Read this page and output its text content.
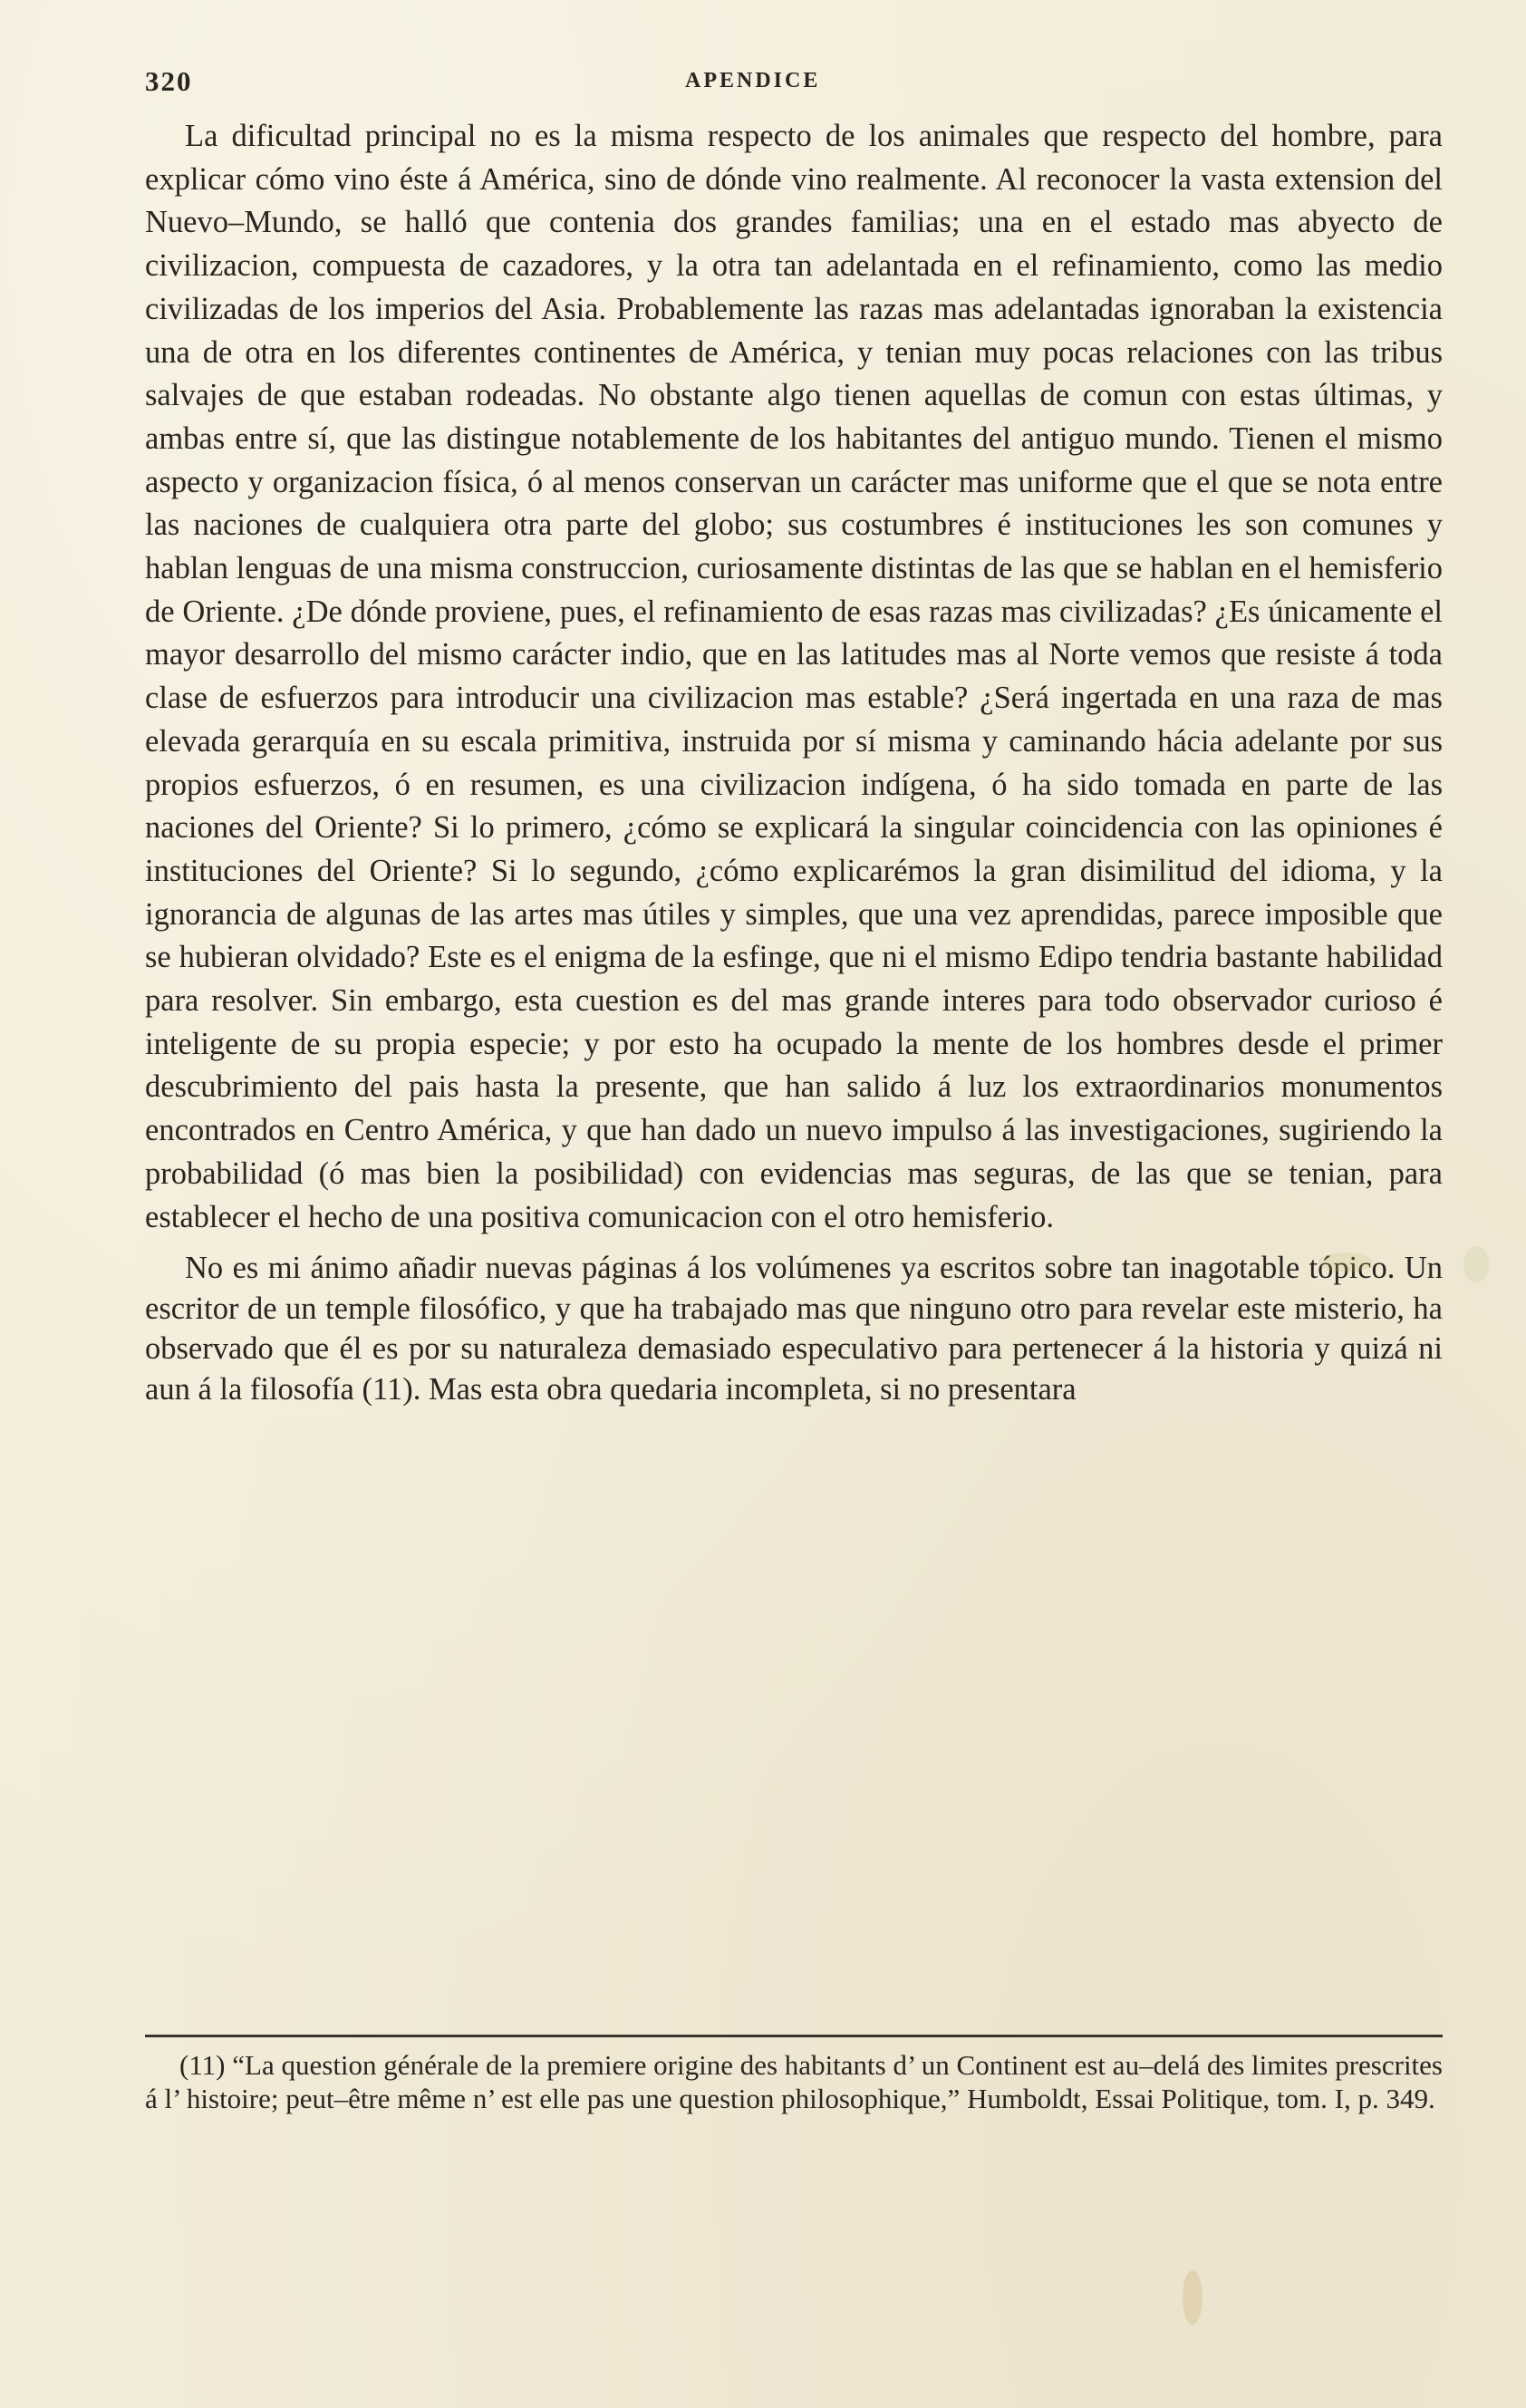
320	APENDICE

La dificultad principal no es la misma respecto de los animales que respecto del hombre, para explicar cómo vino éste á América, sino de dónde vino realmente. Al reconocer la vasta extension del Nuevo–Mundo, se halló que contenia dos grandes familias; una en el estado mas abyecto de civilizacion, compuesta de cazadores, y la otra tan adelantada en el refinamiento, como las medio civilizadas de los imperios del Asia. Probablemente las razas mas adelantadas ignoraban la existencia una de otra en los diferentes continentes de América, y tenian muy pocas relaciones con las tribus salvajes de que estaban rodeadas. No obstante algo tienen aquellas de comun con estas últimas, y ambas entre sí, que las distingue notablemente de los habitantes del antiguo mundo. Tienen el mismo aspecto y organizacion física, ó al menos conservan un carácter mas uniforme que el que se nota entre las naciones de cualquiera otra parte del globo; sus costumbres é instituciones les son comunes y hablan lenguas de una misma construccion, curiosamente distintas de las que se hablan en el hemisferio de Oriente. ¿De dónde proviene, pues, el refinamiento de esas razas mas civilizadas? ¿Es únicamente el mayor desarrollo del mismo carácter indio, que en las latitudes mas al Norte vemos que resiste á toda clase de esfuerzos para introducir una civilizacion mas estable? ¿Será ingertada en una raza de mas elevada gerarquía en su escala primitiva, instruida por sí misma y caminando hácia adelante por sus propios esfuerzos, ó en resumen, es una civilizacion indígena, ó ha sido tomada en parte de las naciones del Oriente? Si lo primero, ¿cómo se explicará la singular coincidencia con las opiniones é instituciones del Oriente? Si lo segundo, ¿cómo explicarémos la gran disimilitud del idioma, y la ignorancia de algunas de las artes mas útiles y simples, que una vez aprendidas, parece imposible que se hubieran olvidado? Este es el enigma de la esfinge, que ni el mismo Edipo tendria bastante habilidad para resolver. Sin embargo, esta cuestion es del mas grande interes para todo observador curioso é inteligente de su propia especie; y por esto ha ocupado la mente de los hombres desde el primer descubrimiento del pais hasta la presente, que han salido á luz los extraordinarios monumentos encontrados en Centro América, y que han dado un nuevo impulso á las investigaciones, sugiriendo la probabilidad (ó mas bien la posibilidad) con evidencias mas seguras, de las que se tenian, para establecer el hecho de una positiva comunicacion con el otro hemisferio.

No es mi ánimo añadir nuevas páginas á los volúmenes ya escritos sobre tan inagotable tópico. Un escritor de un temple filosófico, y que ha trabajado mas que ninguno otro para revelar este misterio, ha observado que él es por su naturaleza demasiado especulativo para pertenecer á la historia y quizá ni aun á la filosofía (11). Mas esta obra quedaria incompleta, si no presentara

(11) “La question générale de la premiere origine des habitants d’ un Continent est au–delá des limites prescrites á l’ histoire; peut–être même n’ est elle pas une question philosophique,” Humboldt, Essai Politique, tom. I, p. 349.
